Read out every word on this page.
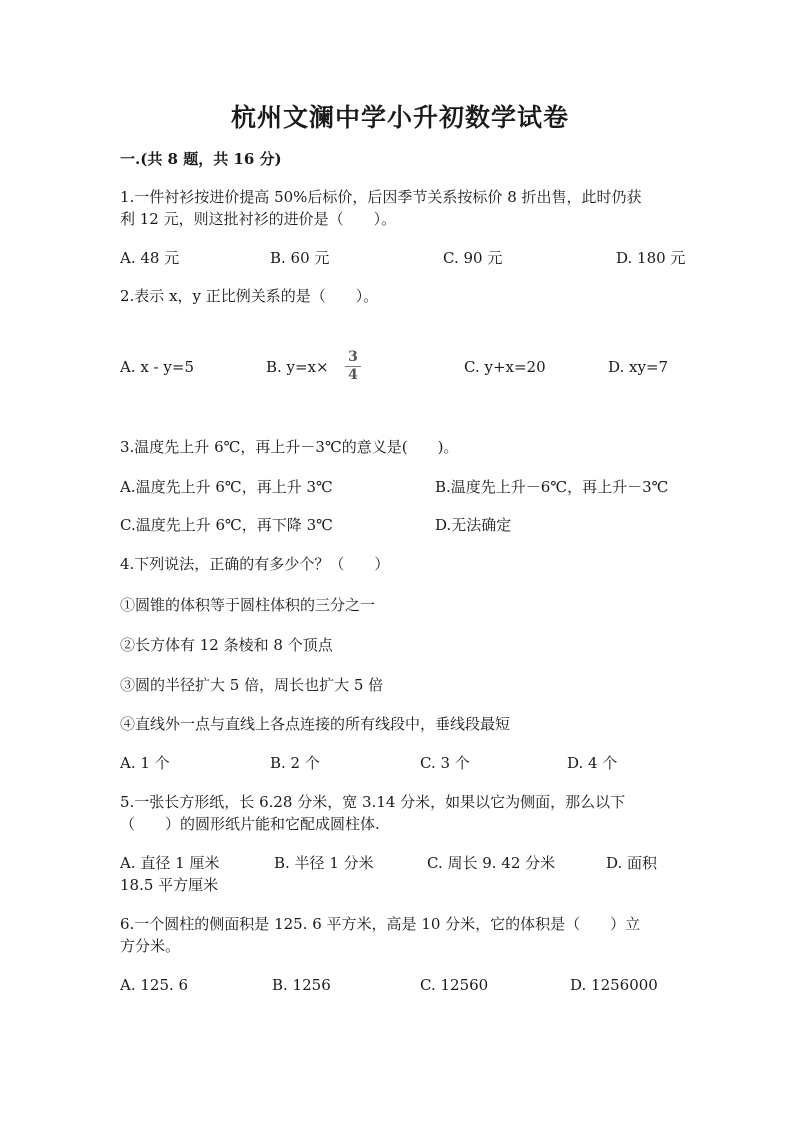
杭州文澜中学小升初数学试卷
一.(共 8 题，共 16 分)
1.一件衬衫按进价提高 50%后标价，后因季节关系按标价 8 折出售，此时仍获
利 12 元，则这批衬衫的进价是（　　）。
A. 48 元	B. 60 元	C. 90 元	D. 180 元
2.表示 x，y 正比例关系的是（　　）。
A. x - y=5	B. y=x×
3
4	C. y+x=20	D. xy=7
3.温度先上升 6℃，再上升－3℃的意义是(　　)。
A.温度先上升 6℃，再上升 3℃	B.温度先上升－6℃，再上升－3℃
C.温度先上升 6℃，再下降 3℃	D.无法确定
4.下列说法，正确的有多少个？（　　）
①圆锥的体积等于圆柱体积的三分之一
②长方体有 12 条棱和 8 个顶点
③圆的半径扩大 5 倍，周长也扩大 5 倍
④直线外一点与直线上各点连接的所有线段中，垂线段最短
A. 1 个	B. 2 个	C. 3 个	D. 4 个
5.一张长方形纸，长 6.28 分米，宽 3.14 分米，如果以它为侧面，那么以下
（　　）的圆形纸片能和它配成圆柱体.
A. 直径 1 厘米	B. 半径 1 分米	C. 周长 9. 42 分米	D. 面积
18.5 平方厘米
6.一个圆柱的侧面积是 125. 6 平方米，高是 10 分米，它的体积是（　　）立
方分米。
A. 125. 6	B. 1256	C. 12560	D. 1256000
